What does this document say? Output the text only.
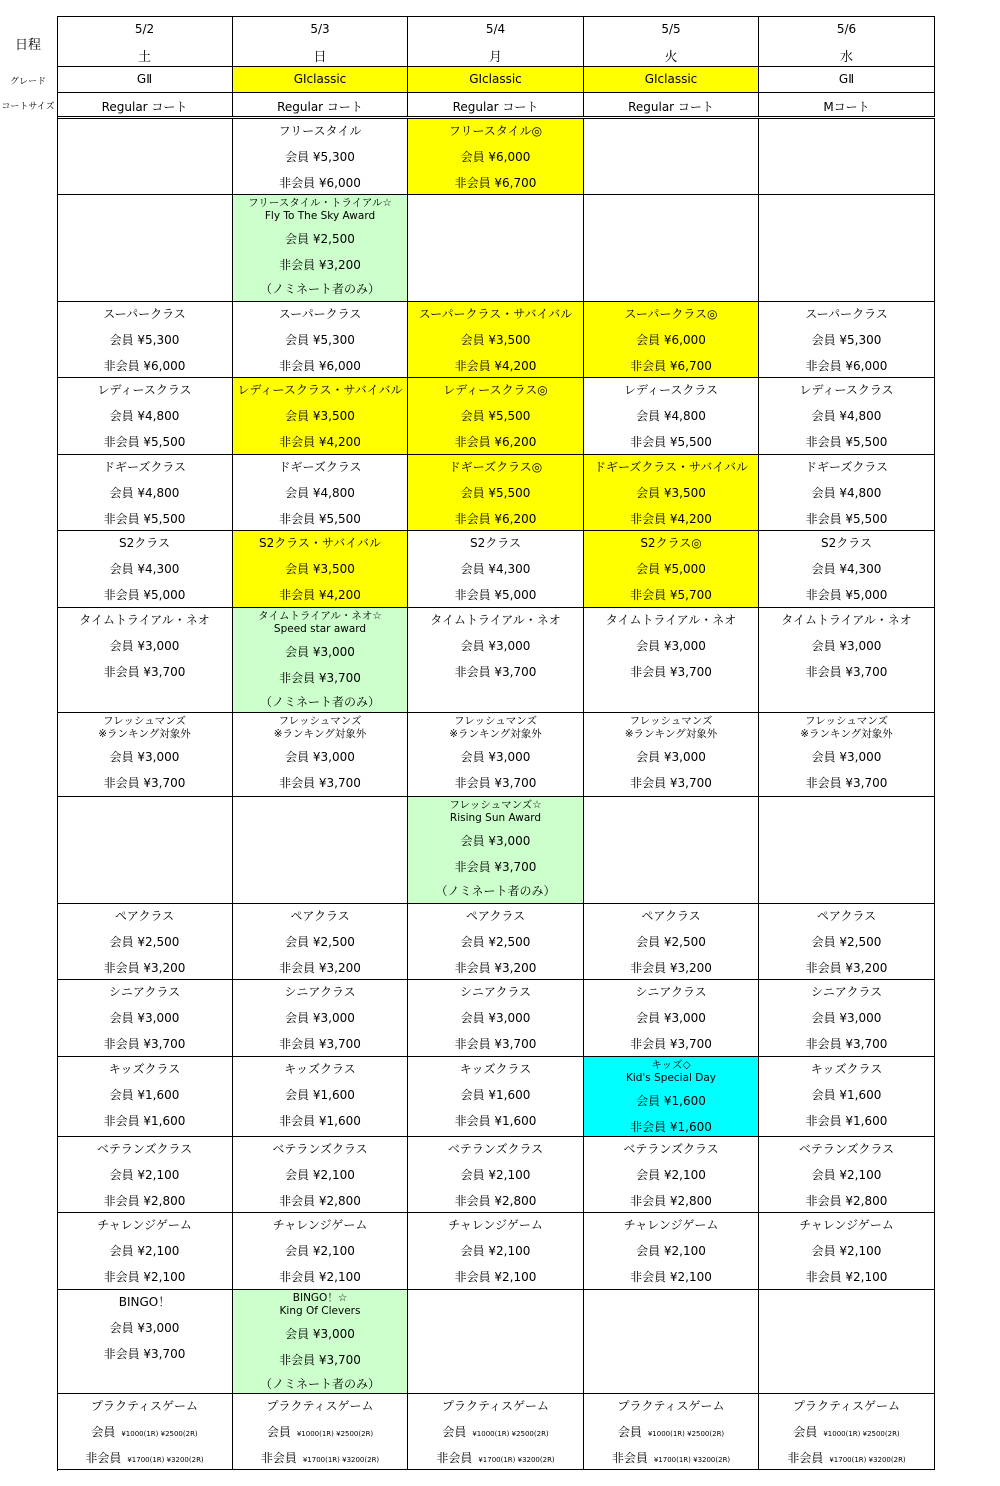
日程
グレード
コートサイズ
5/2
土
GⅡ
Regular コート
5/3
日
GⅠclassic
Regular コート
5/4
月
GⅠclassic
Regular コート
5/5
火
GⅠclassic
Regular コート
5/6
水
GⅡ
Mコート
フリースタイル
会員 ¥5,300
非会員 ¥6,000
フリースタイル◎
会員 ¥6,000
非会員 ¥6,700
フリースタイル・トライアル☆
Fly To The Sky Award
会員 ¥2,500
非会員 ¥3,200
（ノミネート者のみ）
スーパークラス
会員 ¥5,300
非会員 ¥6,000
スーパークラス
会員 ¥5,300
非会員 ¥6,000
スーパークラス・サバイバル
会員 ¥3,500
非会員 ¥4,200
スーパークラス◎
会員 ¥6,000
非会員 ¥6,700
スーパークラス
会員 ¥5,300
非会員 ¥6,000
レディースクラス
会員 ¥4,800
非会員 ¥5,500
レディースクラス・サバイバル
会員 ¥3,500
非会員 ¥4,200
レディースクラス◎
会員 ¥5,500
非会員 ¥6,200
レディースクラス
会員 ¥4,800
非会員 ¥5,500
レディースクラス
会員 ¥4,800
非会員 ¥5,500
ドギーズクラス
会員 ¥4,800
非会員 ¥5,500
ドギーズクラス
会員 ¥4,800
非会員 ¥5,500
ドギーズクラス◎
会員 ¥5,500
非会員 ¥6,200
ドギーズクラス・サバイバル
会員 ¥3,500
非会員 ¥4,200
ドギーズクラス
会員 ¥4,800
非会員 ¥5,500
S2クラス
会員 ¥4,300
非会員 ¥5,000
S2クラス・サバイバル
会員 ¥3,500
非会員 ¥4,200
S2クラス
会員 ¥4,300
非会員 ¥5,000
S2クラス◎
会員 ¥5,000
非会員 ¥5,700
S2クラス
会員 ¥4,300
非会員 ¥5,000
タイムトライアル・ネオ
会員 ¥3,000
非会員 ¥3,700
タイムトライアル・ネオ☆
Speed star award
会員 ¥3,000
非会員 ¥3,700
（ノミネート者のみ）
タイムトライアル・ネオ
会員 ¥3,000
非会員 ¥3,700
タイムトライアル・ネオ
会員 ¥3,000
非会員 ¥3,700
タイムトライアル・ネオ
会員 ¥3,000
非会員 ¥3,700
フレッシュマンズ
※ランキング対象外
会員 ¥3,000
非会員 ¥3,700
フレッシュマンズ
※ランキング対象外
会員 ¥3,000
非会員 ¥3,700
フレッシュマンズ
※ランキング対象外
会員 ¥3,000
非会員 ¥3,700
フレッシュマンズ
※ランキング対象外
会員 ¥3,000
非会員 ¥3,700
フレッシュマンズ
※ランキング対象外
会員 ¥3,000
非会員 ¥3,700
フレッシュマンズ☆
Rising Sun Award
会員 ¥3,000
非会員 ¥3,700
（ノミネート者のみ）
ペアクラス
会員 ¥2,500
非会員 ¥3,200
ペアクラス
会員 ¥2,500
非会員 ¥3,200
ペアクラス
会員 ¥2,500
非会員 ¥3,200
ペアクラス
会員 ¥2,500
非会員 ¥3,200
ペアクラス
会員 ¥2,500
非会員 ¥3,200
シニアクラス
会員 ¥3,000
非会員 ¥3,700
シニアクラス
会員 ¥3,000
非会員 ¥3,700
シニアクラス
会員 ¥3,000
非会員 ¥3,700
シニアクラス
会員 ¥3,000
非会員 ¥3,700
シニアクラス
会員 ¥3,000
非会員 ¥3,700
キッズクラス
会員 ¥1,600
非会員 ¥1,600
キッズクラス
会員 ¥1,600
非会員 ¥1,600
キッズクラス
会員 ¥1,600
非会員 ¥1,600
キッズ◇
Kid's Special Day
会員 ¥1,600
非会員 ¥1,600
キッズクラス
会員 ¥1,600
非会員 ¥1,600
ベテランズクラス
会員 ¥2,100
非会員 ¥2,800
ベテランズクラス
会員 ¥2,100
非会員 ¥2,800
ベテランズクラス
会員 ¥2,100
非会員 ¥2,800
ベテランズクラス
会員 ¥2,100
非会員 ¥2,800
ベテランズクラス
会員 ¥2,100
非会員 ¥2,800
チャレンジゲーム
会員 ¥2,100
非会員 ¥2,100
チャレンジゲーム
会員 ¥2,100
非会員 ¥2,100
チャレンジゲーム
会員 ¥2,100
非会員 ¥2,100
チャレンジゲーム
会員 ¥2,100
非会員 ¥2,100
チャレンジゲーム
会員 ¥2,100
非会員 ¥2,100
BINGO！
会員 ¥3,000
非会員 ¥3,700
BINGO！☆
King Of Clevers
会員 ¥3,000
非会員 ¥3,700
（ノミネート者のみ）
プラクティスゲーム
会員 ¥1000(1R) ¥2500(2R)
非会員 ¥1700(1R) ¥3200(2R)
プラクティスゲーム
会員 ¥1000(1R) ¥2500(2R)
非会員 ¥1700(1R) ¥3200(2R)
プラクティスゲーム
会員 ¥1000(1R) ¥2500(2R)
非会員 ¥1700(1R) ¥3200(2R)
プラクティスゲーム
会員 ¥1000(1R) ¥2500(2R)
非会員 ¥1700(1R) ¥3200(2R)
プラクティスゲーム
会員 ¥1000(1R) ¥2500(2R)
非会員 ¥1700(1R) ¥3200(2R)
